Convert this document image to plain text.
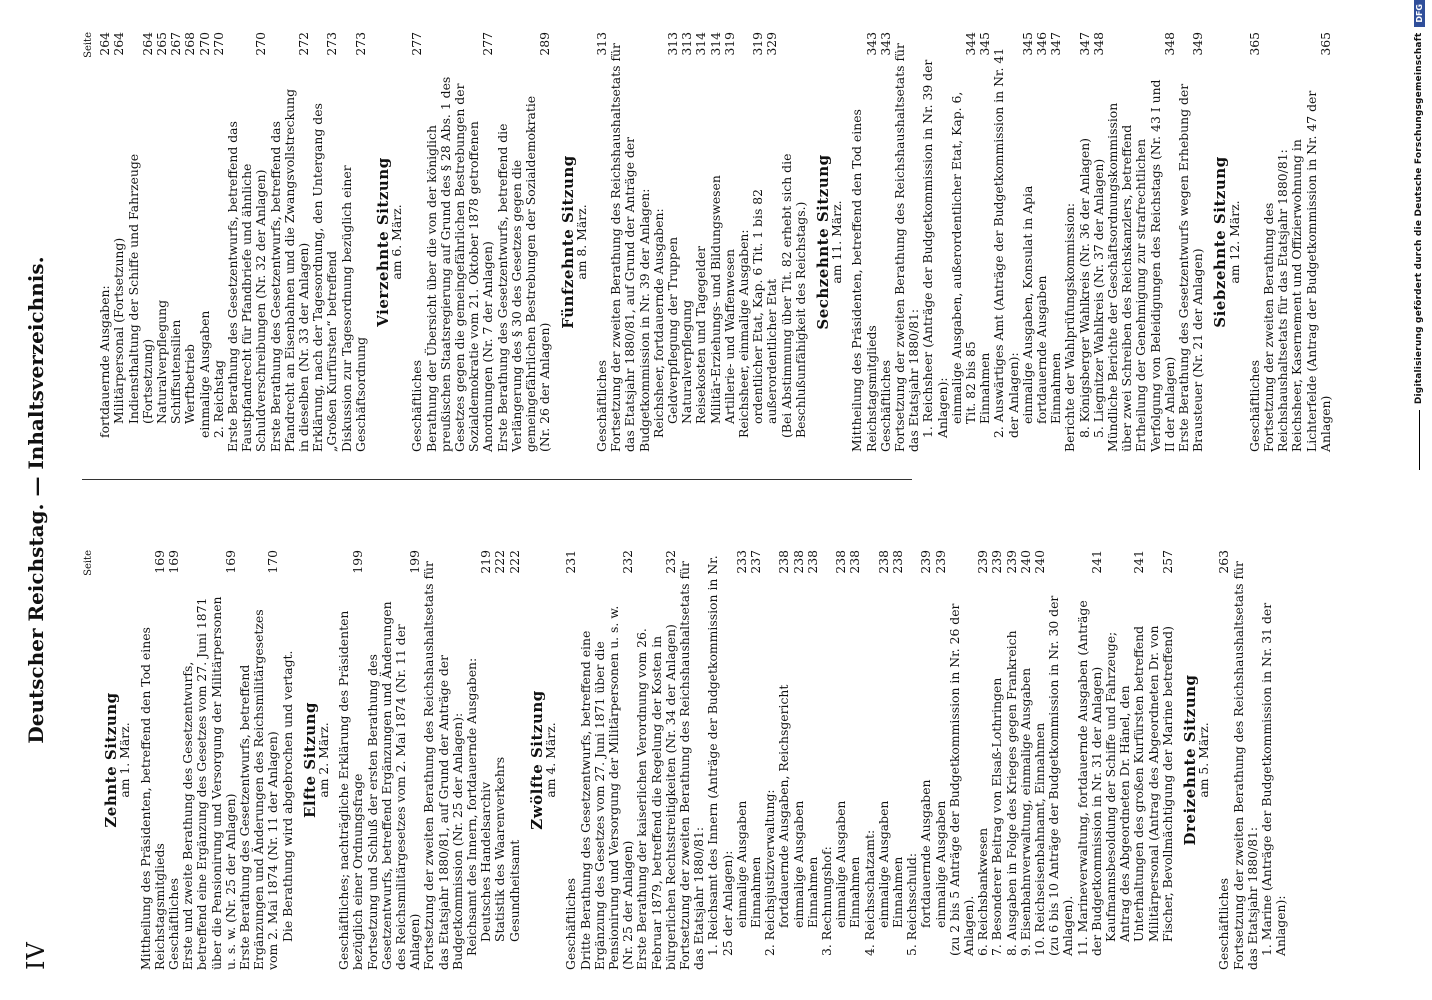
IV
Deutscher Reichstag. — Inhaltsverzeichnis.	Seite
Zehnte Sitzung
am 1. März. Mittheilung des Präsidenten, betreffend den Tod eines Reichstagsmitglieds
169
Geschäftliches
169
Erste und zweite Berathung des Gesetzentwurfs, betreffend eine Ergänzung des Gesetzes vom 27. Juni 1871 über die Pensionirung und Versorgung der Militärpersonen u. s. w. (Nr. 25 der Anlagen)
169
Erste Berathung des Gesetzentwurfs, betreffend Ergänzungen und Änderungen des Reichsmilitärgesetzes vom 2. Mai 1874 (Nr. 11 der Anlagen)
170
Die Berathung wird abgebrochen und vertagt. Elfte Sitzung
am 2. März. Geschäftliches; nachträgliche Erklärung des Präsidenten bezüglich einer Ordnungsfrage
199
Fortsetzung und Schluß der ersten Berathung des Gesetzentwurfs, betreffend Ergänzungen und Änderungen des Reichsmilitärgesetzes vom 2. Mai 1874 (Nr. 11 der Anlagen)
199 Fortsetzung der zweiten Berathung des Reichshaushaltsetats für das Etatsjahr 1880/81, auf Grund der Anträge der Budgetkommission (Nr. 25 der Anlagen): Reichsamt des Innern, fortdauernde Ausgaben: Deutsches Handelsarchiv
219
Statistik des Waarenverkehrs
222
Gesundheitsamt
222
Zwölfte Sitzung
am 4. März.
Geschäftliches
231
Dritte Berathung des Gesetzentwurfs, betreffend eine Ergänzung des Gesetzes vom 27. Juni 1871 über die Pensionirung und Versorgung der Militärpersonen u. s. w. (Nr. 25 der Anlagen)
232
Erste Berathung der kaiserlichen Verordnung vom 26. Februar 1879, betreffend die Regelung der Kosten in bürgerlichen Rechtsstreitigkeiten (Nr. 34 der Anlagen)
232 Fortsetzung der zweiten Berathung des Reichshaushaltsetats für das Etatsjahr 1880/81: 1. Reichsamt des Innern (Anträge der Budgetkommission in Nr. 25 der Anlagen): einmalige Ausgaben
233
Einnahmen
237
2. Reichsjustizverwaltung: fortdauernde Ausgaben, Reichsgericht
238
einmalige Ausgaben
238
Einnahmen
238
3. Rechnungshof: einmalige Ausgaben
238
Einnahmen
238
4. Reichsschatzamt: einmalige Ausgaben
238
Einnahmen
238
5. Reichsschuld: fortdauernde Ausgaben
239
einmalige Ausgaben
239
(zu 2 bis 5 Anträge der Budgetkommission in Nr. 26 der Anlagen). 6. Reichsbankwesen
239
7. Besonderer Beitrag von Elsaß-Lothringen
239
8. Ausgaben in Folge des Krieges gegen Frankreich
239
9. Eisenbahnverwaltung, einmalige Ausgaben
240
10. Reichseisenbahnamt, Einnahmen
240
(zu 6 bis 10 Anträge der Budgetkommission in Nr. 30 der Anlagen). 11. Marineverwaltung, fortdauernde Ausgaben (Anträge der Budgetkommission in Nr. 31 der Anlagen)
241
Kaufmannsbesoldung der Schiffe und Fahrzeuge; Antrag des Abgeordneten Dr. Hänel, den Unterhaltungen des großen Kurfürsten betreffend
241
Militärpersonal (Antrag des Abgeordneten Dr. von Fischer, Bevollmächtigung der Marine betreffend)
257
Dreizehnte Sitzung
am 5. März.
Geschäftliches
263 Fortsetzung der zweiten Berathung des Reichshaushaltsetats für das Etatsjahr 1880/81: 1. Marine (Anträge der Budgetkommission in Nr. 31 der Anlagen):
Seite
fortdauernde Ausgaben:
264
Militärpersonal (Fortsetzung)
264
Indiensthaltung der Schiffe und Fahrzeuge (Fortsetzung)
264
Naturalverpflegung
265
Schiffsutensilien
267
Werftbetrieb
268
einmalige Ausgaben
270
2. Reichstag
270
Erste Berathung des Gesetzentwurfs, betreffend das Faustpfandrecht für Pfandbriefe und ähnliche Schuldverschreibungen (Nr. 32 der Anlagen)
270
Erste Berathung des Gesetzentwurfs, betreffend das Pfandrecht an Eisenbahnen und die Zwangsvollstreckung in dieselben (Nr. 33 der Anlagen)
272
Erklärung, nach der Tagesordnung, den Untergang des „Großen Kurfürsten“ betreffend
273
Diskussion zur Tagesordnung bezüglich einer Geschäftsordnung
273
Vierzehnte Sitzung
am 6. März.
Geschäftliches
277
Berathung der Übersicht über die von der königlich preußischen Staatsregierung auf Grund des § 28 Abs. 1 des Gesetzes gegen die gemeingefährlichen Bestrebungen der Sozialdemokratie vom 21. Oktober 1878 getroffenen Anordnungen (Nr. 7 der Anlagen)
277
Erste Berathung des Gesetzentwurfs, betreffend die Verlängerung des § 30 des Gesetzes gegen die gemeingefährlichen Bestrebungen der Sozialdemokratie (Nr. 26 der Anlagen)
289
Fünfzehnte Sitzung
am 8. März.
Geschäftliches
313 Fortsetzung der zweiten Berathung des Reichshaushaltsetats für das Etatsjahr 1880/81, auf Grund der Anträge der Budgetkommission in Nr. 39 der Anlagen: Reichsheer, fortdauernde Ausgaben: Geldverpflegung der Truppen
313
Naturalverpflegung
313
Reisekosten und Tagegelder
314
Militär-Erziehungs- und Bildungswesen
314
Artillerie- und Waffenwesen
319
Reichsheer, einmalige Ausgaben: ordentlicher Etat, Kap. 6 Tit. 1 bis 82
319
außerordentlicher Etat
329
(Bei Abstimmung über Tit. 82 erhebt sich die Beschlußunfähigkeit des Reichstags.) Sechzehnte Sitzung
am 11. März. Mittheilung des Präsidenten, betreffend den Tod eines Reichstagsmitglieds
343
Geschäftliches
343 Fortsetzung der zweiten Berathung des Reichshaushaltsetats für das Etatsjahr 1880/81: 1. Reichsheer (Anträge der Budgetkommission in Nr. 39 der Anlagen): einmalige Ausgaben, außerordentlicher Etat, Kap. 6, Tit. 82 bis 85
344
Einnahmen
345
2. Auswärtiges Amt (Anträge der Budgetkommission in Nr. 41 der Anlagen): einmalige Ausgaben, Konsulat in Apia
345
fortdauernde Ausgaben
346
Einnahmen
347
Berichte der Wahlprüfungskommission: 8. Königsberger Wahlkreis (Nr. 36 der Anlagen)
347
5. Liegnitzer Wahlkreis (Nr. 37 der Anlagen)
348
Mündliche Berichte der Geschäftsordnungskommission über zwei Schreiben des Reichskanzlers, betreffend Ertheilung der Genehmigung zur strafrechtlichen Verfolgung von Beleidigungen des Reichstags (Nr. 43 I und II der Anlagen)
348
Erste Berathung des Gesetzentwurfs wegen Erhebung der Brausteuer (Nr. 21 der Anlagen)
349
Siebzehnte Sitzung
am 12. März.
Geschäftliches
365
Fortsetzung der zweiten Berathung des Reichshaushaltsetats für das Etatsjahr 1880/81: Reichsheer, Kasernement und Offizierwohnung in Lichterfelde (Antrag der Budgetkommission in Nr. 47 der Anlagen)
365	Digitalisierung gefördert durch die Deutsche Forschungsgemeinschaft
DFG
